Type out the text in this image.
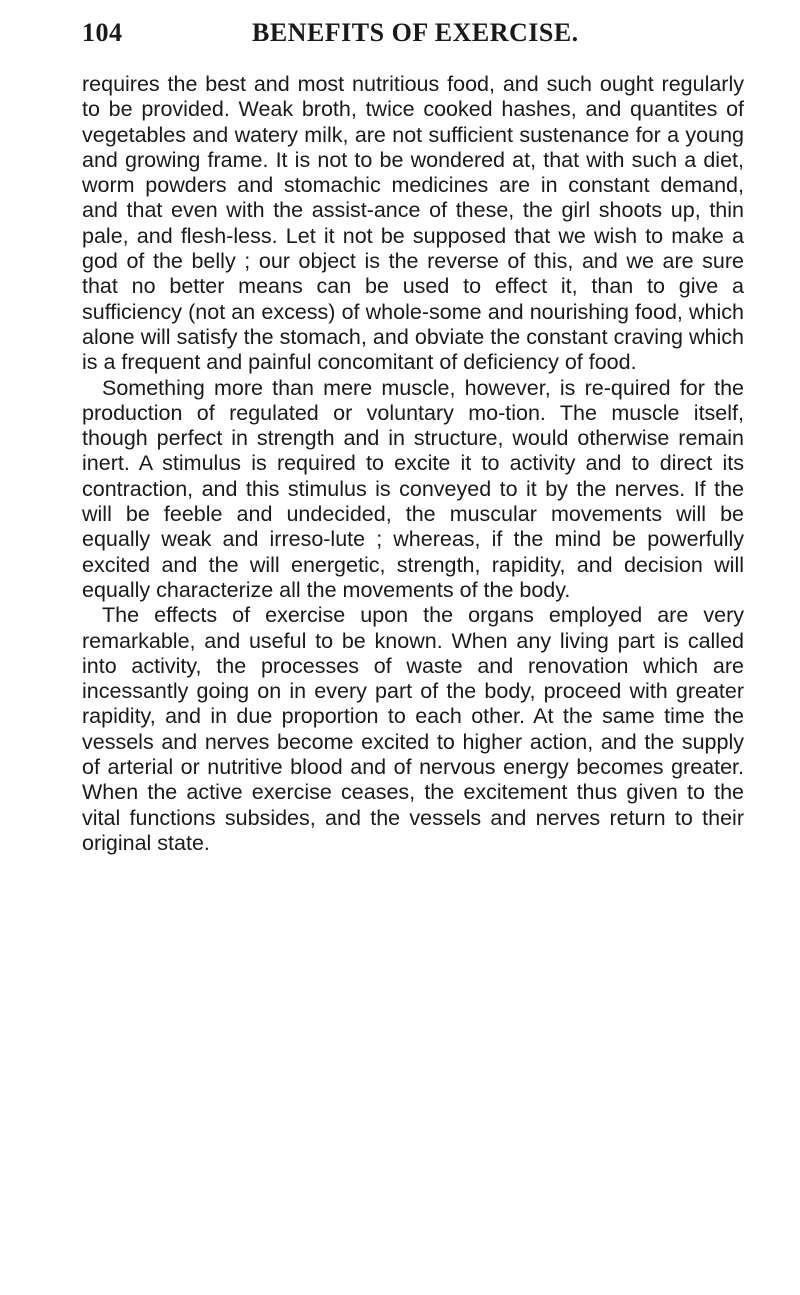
104	BENEFITS OF EXERCISE.

requires the best and most nutritious food, and such ought regularly to be provided. Weak broth, twice cooked hashes, and quantites of vegetables and watery milk, are not sufficient sustenance for a young and growing frame. It is not to be wondered at, that with such a diet, worm powders and stomachic medicines are in constant demand, and that even with the assist-ance of these, the girl shoots up, thin pale, and flesh-less. Let it not be supposed that we wish to make a god of the belly ; our object is the reverse of this, and we are sure that no better means can be used to effect it, than to give a sufficiency (not an excess) of whole-some and nourishing food, which alone will satisfy the stomach, and obviate the constant craving which is a frequent and painful concomitant of deficiency of food.

Something more than mere muscle, however, is re-quired for the production of regulated or voluntary mo-tion. The muscle itself, though perfect in strength and in structure, would otherwise remain inert. A stimulus is required to excite it to activity and to direct its contraction, and this stimulus is conveyed to it by the nerves. If the will be feeble and undecided, the muscular movements will be equally weak and irreso-lute ; whereas, if the mind be powerfully excited and the will energetic, strength, rapidity, and decision will equally characterize all the movements of the body.

The effects of exercise upon the organs employed are very remarkable, and useful to be known. When any living part is called into activity, the processes of waste and renovation which are incessantly going on in every part of the body, proceed with greater rapidity, and in due proportion to each other. At the same time the vessels and nerves become excited to higher action, and the supply of arterial or nutritive blood and of nervous energy becomes greater. When the active exercise ceases, the excitement thus given to the vital functions subsides, and the vessels and nerves return to their original state.
